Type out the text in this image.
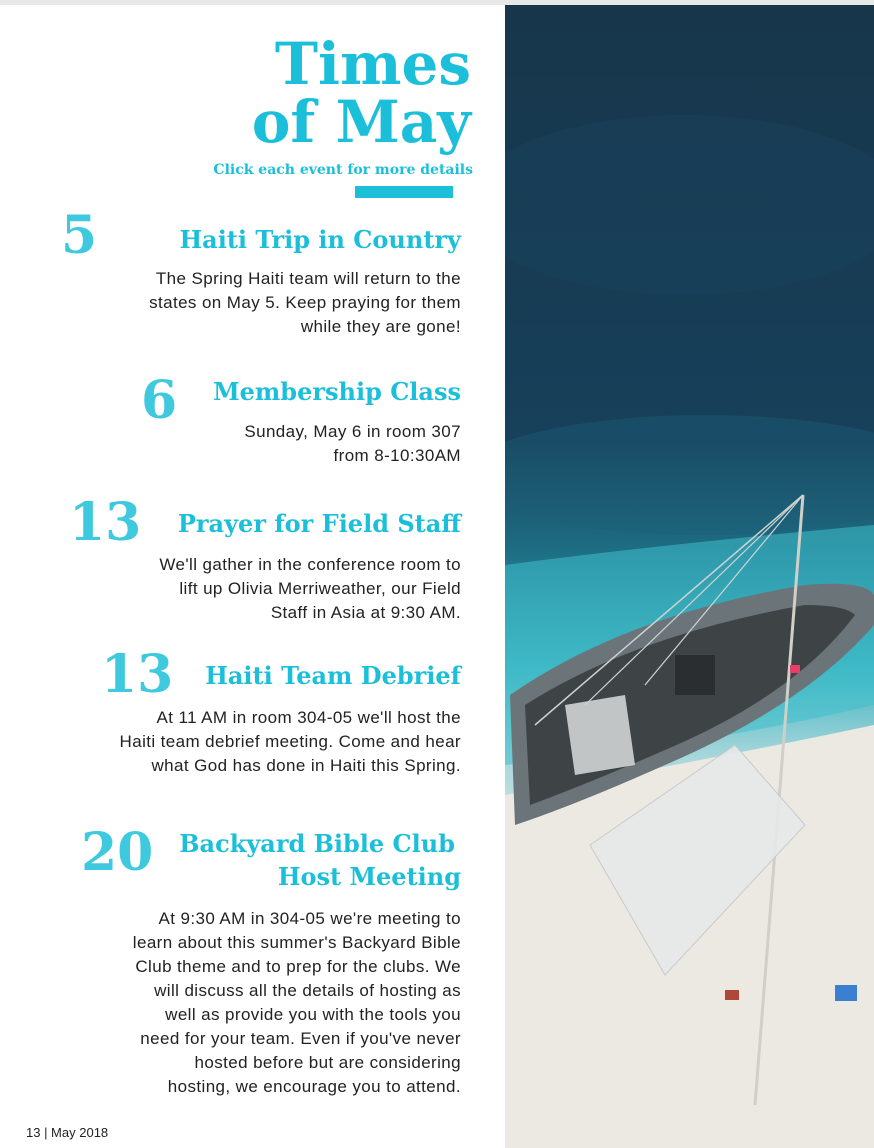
Times
of May
Click each event for more details
5	Haiti Trip in Country
The Spring Haiti team will return to the
states on May 5. Keep praying for them
while they are gone!
6 Membership Class
Sunday, May 6 in room 307
from 8-10:30AM
13 Prayer for Field Staff
We'll gather in the conference room to
lift up Olivia Merriweather, our Field
Staff in Asia at 9:30 AM.
13 Haiti Team Debrief
At 11 AM in room 304-05 we'll host the
Haiti team debrief meeting. Come and hear
what God has done in Haiti this Spring.
20 Backyard Bible Club
Host Meeting
At 9:30 AM in 304-05 we're meeting to
learn about this summer's Backyard Bible
Club theme and to prep for the clubs. We
will discuss all the details of hosting as
well as provide you with the tools you
need for your team. Even if you've never
hosted before but are considering
hosting, we encourage you to attend.
13 | May 2018
